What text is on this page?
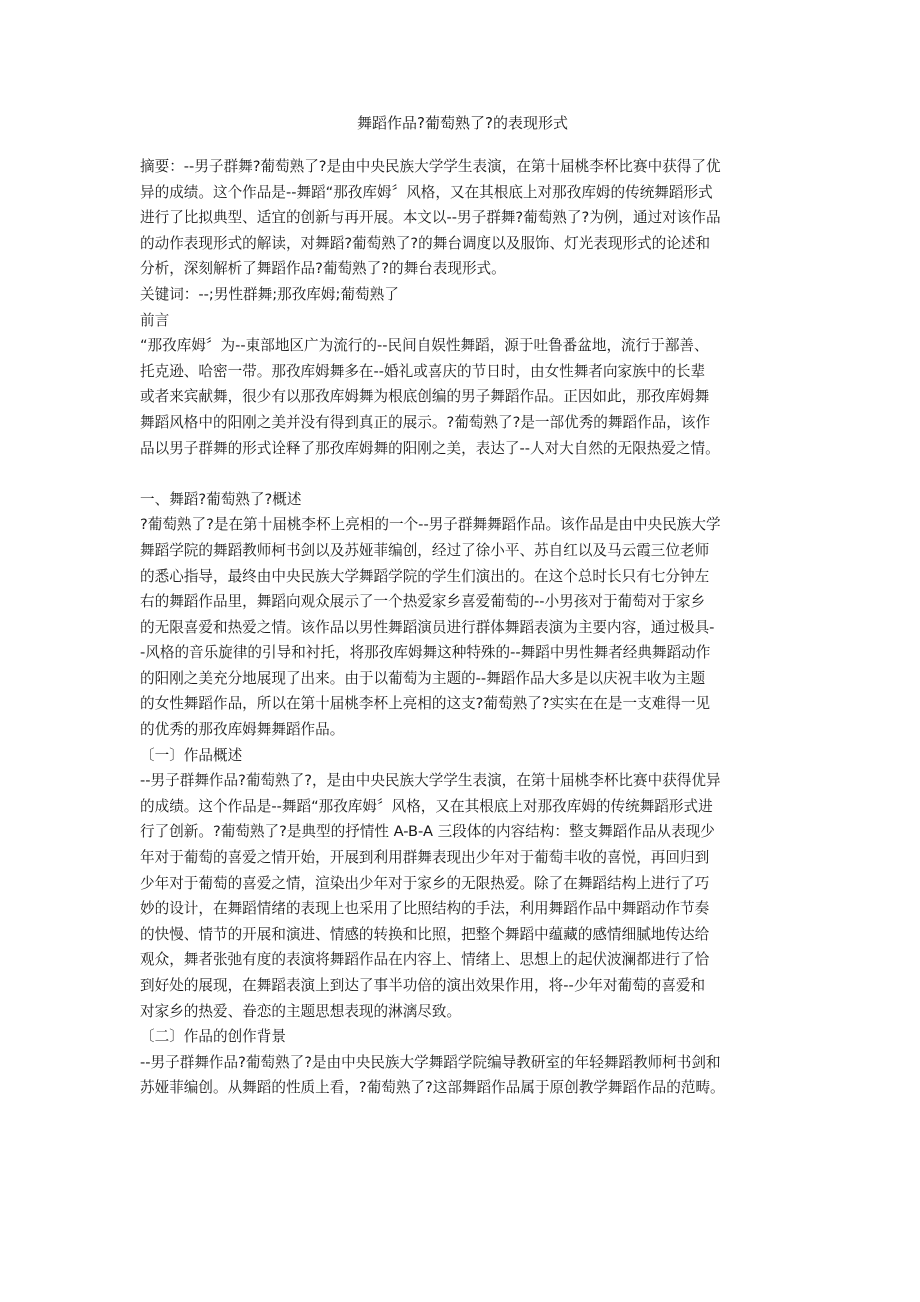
舞蹈作品?葡萄熟了?的表现形式
摘要：--男子群舞?葡萄熟了?是由中央民族大学学生表演，在第十届桃李杯比赛中获得了优
异的成绩。这个作品是--舞蹈“那孜库姆〞风格，又在其根底上对那孜库姆的传统舞蹈形式
进行了比拟典型、适宜的创新与再开展。本文以--男子群舞?葡萄熟了?为例，通过对该作品
的动作表现形式的解读，对舞蹈?葡萄熟了?的舞台调度以及服饰、灯光表现形式的论述和
分析，深刻解析了舞蹈作品?葡萄熟了?的舞台表现形式。
关键词：--;男性群舞;那孜库姆;葡萄熟了
前言
“那孜库姆〞为--東部地区广为流行的--民间自娱性舞蹈，源于吐鲁番盆地，流行于鄯善、
托克逊、哈密一带。那孜库姆舞多在--婚礼或喜庆的节日时，由女性舞者向家族中的长辈
或者来宾献舞，很少有以那孜库姆舞为根底创编的男子舞蹈作品。正因如此，那孜库姆舞
舞蹈风格中的阳刚之美并没有得到真正的展示。?葡萄熟了?是一部优秀的舞蹈作品，该作
品以男子群舞的形式诠释了那孜库姆舞的阳刚之美，表达了--人对大自然的无限热爱之情。
一、舞蹈?葡萄熟了?概述
?葡萄熟了?是在第十届桃李杯上亮相的一个--男子群舞舞蹈作品。该作品是由中央民族大学
舞蹈学院的舞蹈教师柯书剑以及苏娅菲编创，经过了徐小平、苏自红以及马云霞三位老师
的悉心指导，最终由中央民族大学舞蹈学院的学生们演出的。在这个总时长只有七分钟左
右的舞蹈作品里，舞蹈向观众展示了一个热爱家乡喜爱葡萄的--小男孩对于葡萄对于家乡
的无限喜爱和热爱之情。该作品以男性舞蹈演员进行群体舞蹈表演为主要内容，通过极具-
-风格的音乐旋律的引导和衬托，将那孜库姆舞这种特殊的--舞蹈中男性舞者经典舞蹈动作
的阳刚之美充分地展现了出来。由于以葡萄为主题的--舞蹈作品大多是以庆祝丰收为主题
的女性舞蹈作品，所以在第十届桃李杯上亮相的这支?葡萄熟了?实实在在是一支难得一见
的优秀的那孜库姆舞舞蹈作品。
〔一〕作品概述
--男子群舞作品?葡萄熟了?，是由中央民族大学学生表演，在第十届桃李杯比赛中获得优异
的成绩。这个作品是--舞蹈“那孜库姆〞风格，又在其根底上对那孜库姆的传统舞蹈形式进
行了创新。?葡萄熟了?是典型的抒情性 A-B-A 三段体的内容结构：整支舞蹈作品从表现少
年对于葡萄的喜爱之情开始，开展到利用群舞表现出少年对于葡萄丰收的喜悦，再回归到
少年对于葡萄的喜爱之情，渲染出少年对于家乡的无限热爱。除了在舞蹈结构上进行了巧
妙的设计，在舞蹈情绪的表现上也采用了比照结构的手法，利用舞蹈作品中舞蹈动作节奏
的快慢、情节的开展和演进、情感的转换和比照，把整个舞蹈中蕴藏的感情细腻地传达给
观众，舞者张弛有度的表演将舞蹈作品在内容上、情绪上、思想上的起伏波澜都进行了恰
到好处的展现，在舞蹈表演上到达了事半功倍的演出效果作用，将--少年对葡萄的喜爱和
对家乡的热爱、眷恋的主题思想表现的淋漓尽致。
〔二〕作品的创作背景
--男子群舞作品?葡萄熟了?是由中央民族大学舞蹈学院编导教研室的年轻舞蹈教师柯书剑和
苏娅菲编创。从舞蹈的性质上看，?葡萄熟了?这部舞蹈作品属于原创教学舞蹈作品的范畴。
